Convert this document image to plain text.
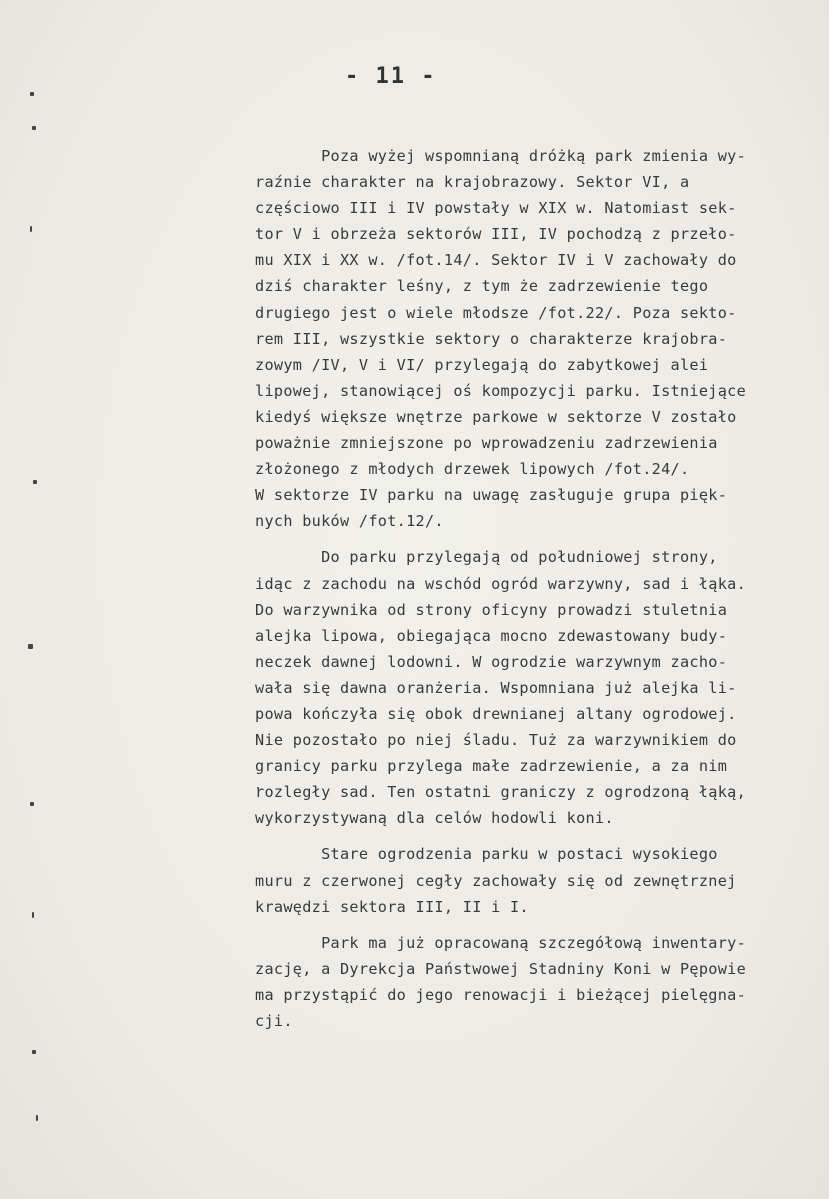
- 11 -
Poza wyżej wspomnianą dróżką park zmienia wy-
raźnie charakter na krajobrazowy. Sektor VI, a
częściowo III i IV powstały w XIX w. Natomiast sek-
tor V i obrzeża sektorów III, IV pochodzą z przeło-
mu XIX i XX w. /fot.14/. Sektor IV i V zachowały do
dziś charakter leśny, z tym że zadrzewienie tego
drugiego jest o wiele młodsze /fot.22/. Poza sekto-
rem III, wszystkie sektory o charakterze krajobra-
zowym /IV, V i VI/ przylegają do zabytkowej alei
lipowej, stanowiącej oś kompozycji parku. Istniejące
kiedyś większe wnętrze parkowe w sektorze V zostało
poważnie zmniejszone po wprowadzeniu zadrzewienia
złożonego z młodych drzewek lipowych /fot.24/.
W sektorze IV parku na uwagę zasługuje grupa pięk-
nych buków /fot.12/.
Do parku przylegają od południowej strony,
idąc z zachodu na wschód ogród warzywny, sad i łąka.
Do warzywnika od strony oficyny prowadzi stuletnia
alejka lipowa, obiegająca mocno zdewastowany budy-
neczek dawnej lodowni. W ogrodzie warzywnym zacho-
wała się dawna oranżeria. Wspomniana już alejka li-
powa kończyła się obok drewnianej altany ogrodowej.
Nie pozostało po niej śladu. Tuż za warzywnikiem do
granicy parku przylega małe zadrzewienie, a za nim
rozległy sad. Ten ostatni graniczy z ogrodzoną łąką,
wykorzystywaną dla celów hodowli koni.
Stare ogrodzenia parku w postaci wysokiego
muru z czerwonej cegły zachowały się od zewnętrznej
krawędzi sektora III, II i I.
Park ma już opracowaną szczegółową inwentary-
zację, a Dyrekcja Państwowej Stadniny Koni w Pępowie
ma przystąpić do jego renowacji i bieżącej pielęgna-
cji.
